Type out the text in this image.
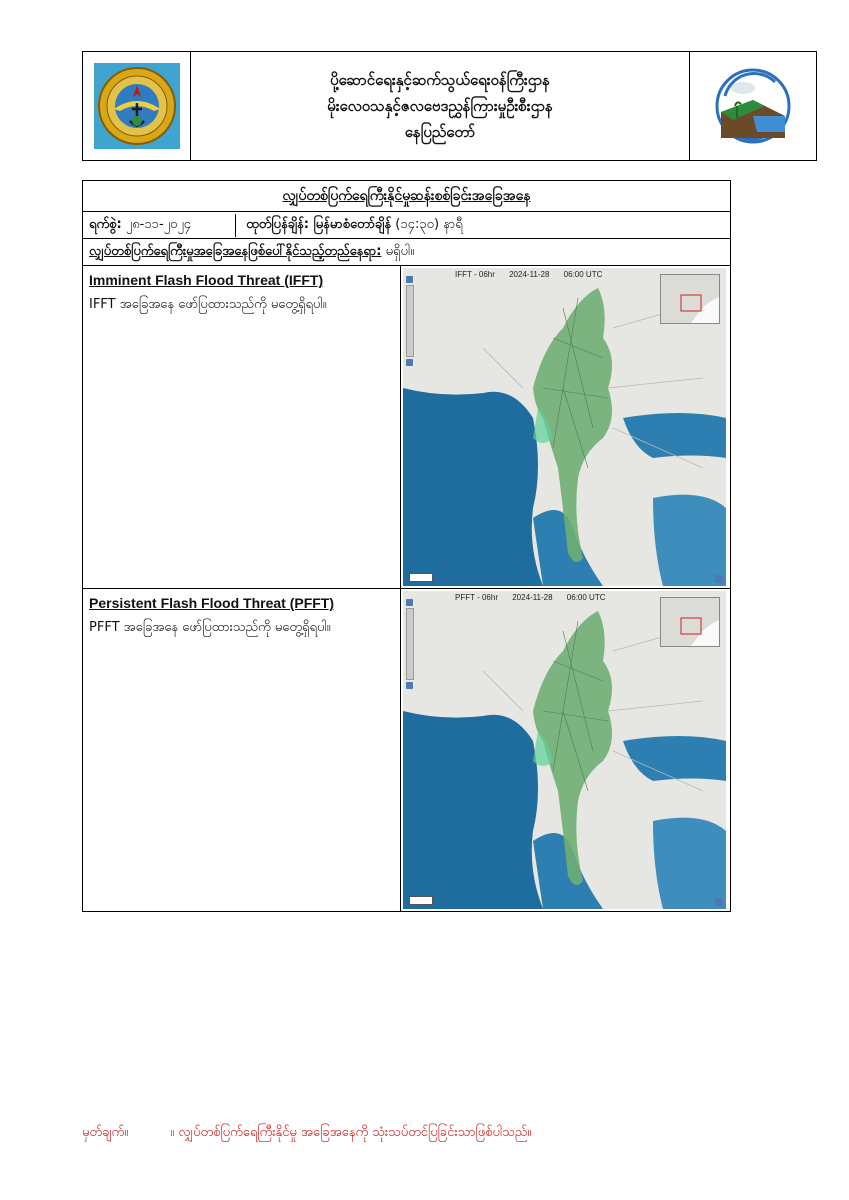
ပို့ဆောင်ရေးနှင့်ဆက်သွယ်ရေးဝန်ကြီးဌာန
မိုးလေဝသနှင့်ဇလဗေဒညွှန်ကြားမှုဦးစီးဌာန
နေပြည်တော်
လျှပ်တစ်ပြက်ရေကြီးနိုင်မှုဆန်းစစ်ခြင်းအခြေအနေ	
ရက်စွဲ: ၂၈-၁၁-၂၀၂၄ ထုတ်ပြန်ချိန်: မြန်မာစံတော်ချိန် (၁၄:၃၀) နာရီ	
လျှပ်တစ်ပြက်ရေကြီးမှုအခြေအနေဖြစ်ပေါ်နိုင်သည့်တည်နေရာ: မရှိပါ။	

Imminent Flash Flood Threat (IFFT)
IFFT အခြေအနေ ဖော်ပြထားသည်ကို မတွေ့ရှိရပါ။	IFFT - 06hr 2024-11-28 06:00 UTC

Persistent Flash Flood Threat (PFFT)
PFFT အခြေအနေ ဖော်ပြထားသည်ကို မတွေ့ရှိရပါ။	PFFT - 06hr 2024-11-28 06:00 UTC
မှတ်ချက်။	။ လျှပ်တစ်ပြက်ရေကြီးနိုင်မှု အခြေအနေကို သုံးသပ်တင်ပြခြင်းသာဖြစ်ပါသည်။
